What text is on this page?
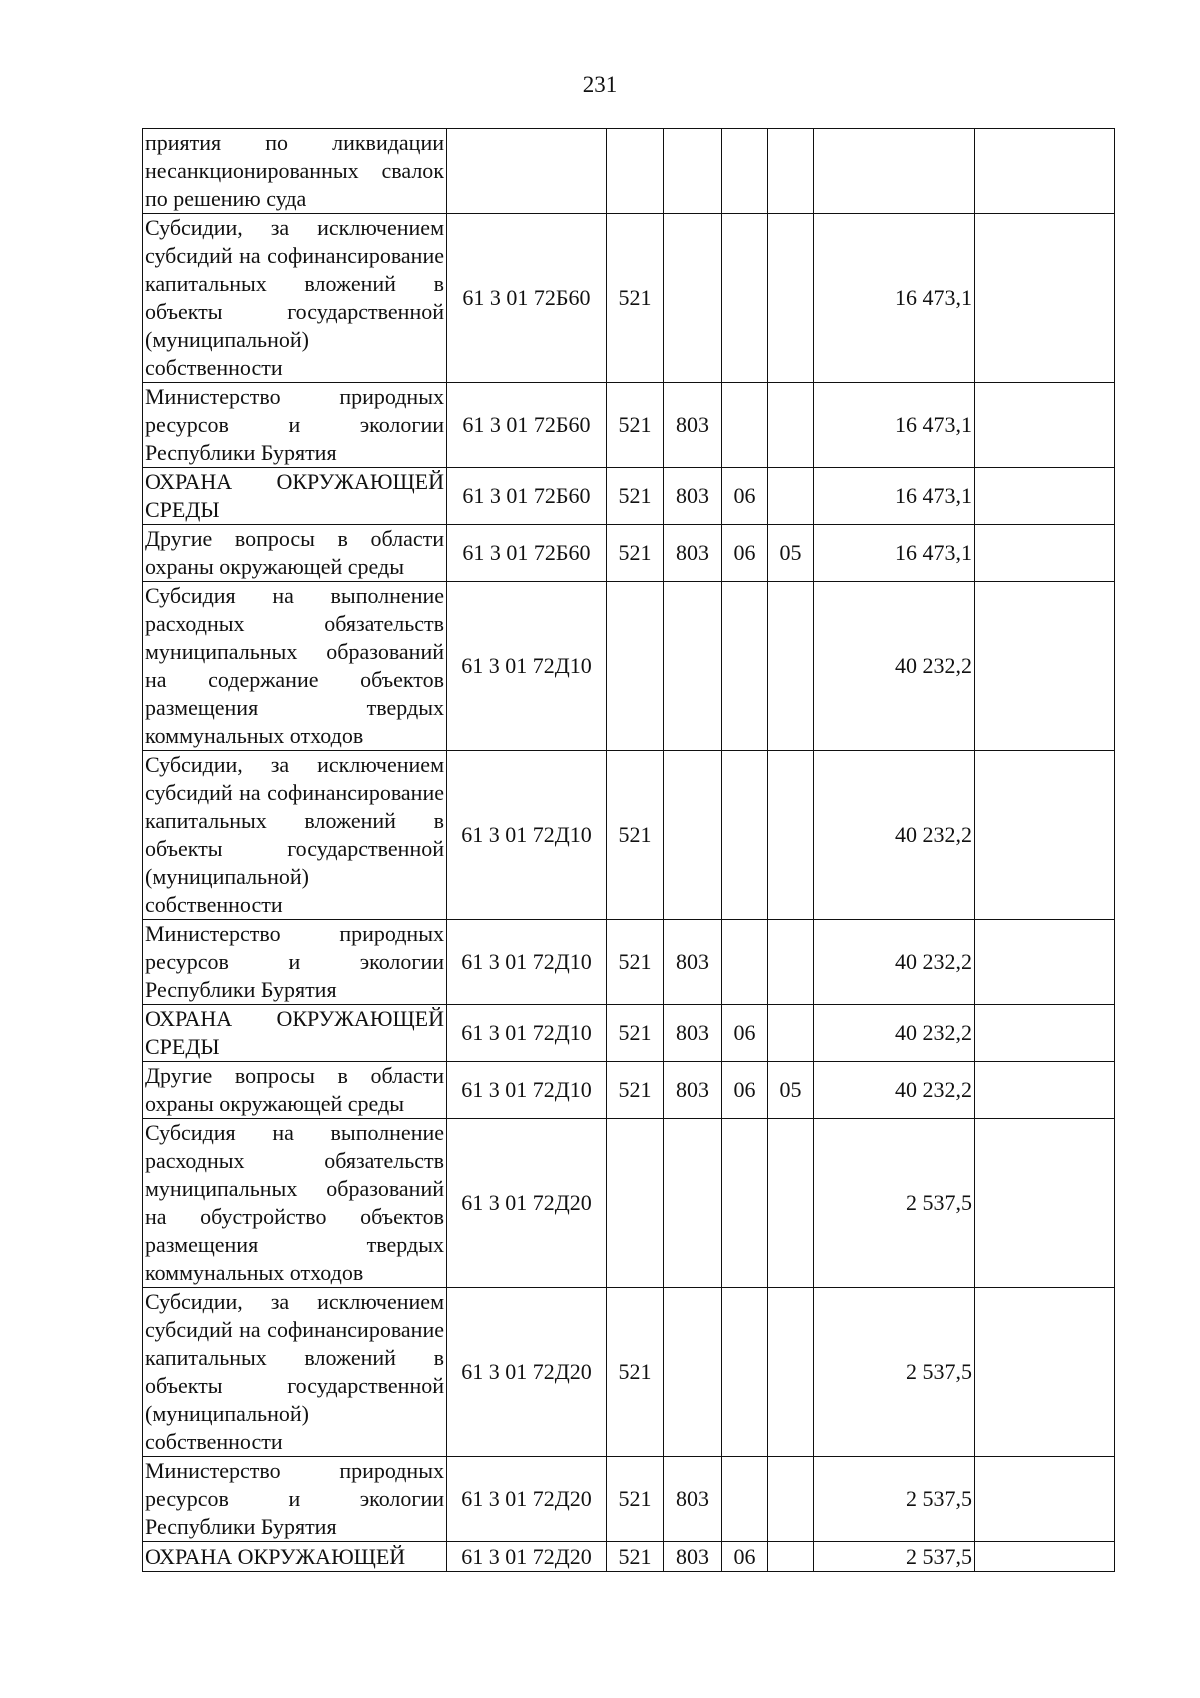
231
приятия по ликвидации несанкционированных свалок по решению суда							
Субсидии, за исключением субсидий на софинансирование капитальных вложений в объекты государственной (муниципальной) собственности	61 3 01 72Б60	521				16 473,1	
Министерство природных ресурсов и экологии Республики Бурятия	61 3 01 72Б60	521	803			16 473,1	
ОХРАНА ОКРУЖАЮЩЕЙ СРЕДЫ	61 3 01 72Б60	521	803	06		16 473,1	
Другие вопросы в области охраны окружающей среды	61 3 01 72Б60	521	803	06	05	16 473,1	
Субсидия на выполнение расходных обязательств муниципальных образований на содержание объектов размещения твердых коммунальных отходов	61 3 01 72Д10					40 232,2	
Субсидии, за исключением субсидий на софинансирование капитальных вложений в объекты государственной (муниципальной) собственности	61 3 01 72Д10	521				40 232,2	
Министерство природных ресурсов и экологии Республики Бурятия	61 3 01 72Д10	521	803			40 232,2	
ОХРАНА ОКРУЖАЮЩЕЙ СРЕДЫ	61 3 01 72Д10	521	803	06		40 232,2	
Другие вопросы в области охраны окружающей среды	61 3 01 72Д10	521	803	06	05	40 232,2	
Субсидия на выполнение расходных обязательств муниципальных образований на обустройство объектов размещения твердых коммунальных отходов	61 3 01 72Д20					2 537,5	
Субсидии, за исключением субсидий на софинансирование капитальных вложений в объекты государственной (муниципальной) собственности	61 3 01 72Д20	521				2 537,5	
Министерство природных ресурсов и экологии Республики Бурятия	61 3 01 72Д20	521	803			2 537,5	
ОХРАНА ОКРУЖАЮЩЕЙ	61 3 01 72Д20	521	803	06		2 537,5	
